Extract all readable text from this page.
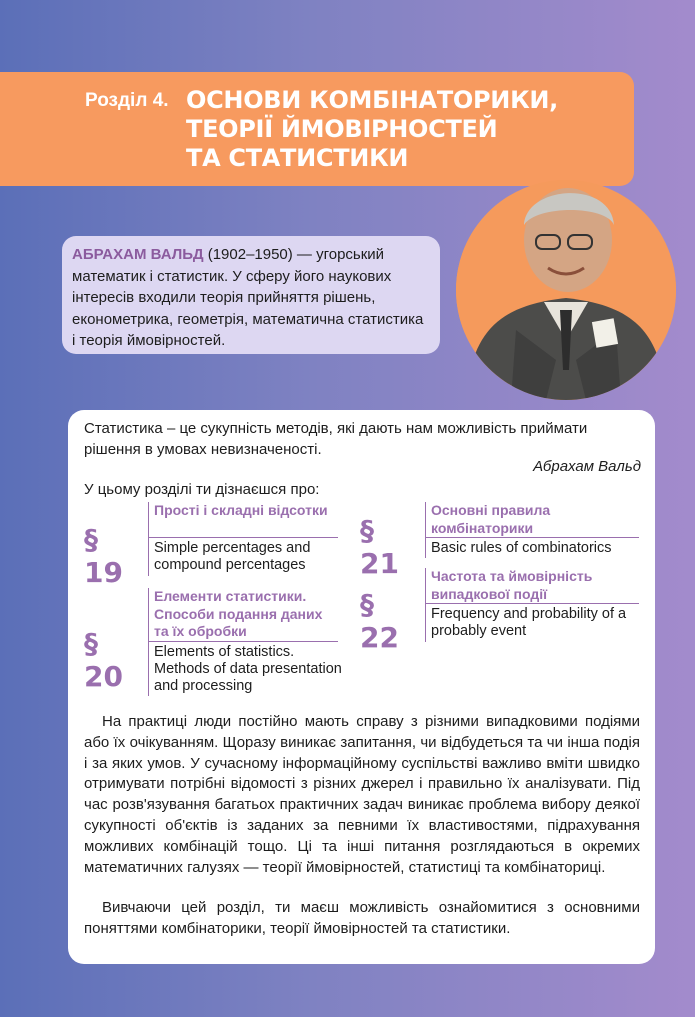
Розділ 4. ОСНОВИ КОМБІНАТОРИКИ,
ТЕОРІЇ ЙМОВІРНОСТЕЙ
ТА СТАТИСТИКИ
АБРАХАМ ВАЛЬД (1902–1950) — угорський математик і статистик. У сферу його наукових інтересів входили теорія прийняття рішень, економетрика, геометрія, математична статистика і теорія ймовірностей.
Статистика – це сукупність методів, які дають нам можливість приймати рішення в умовах невизначеності.
Абрахам Вальд
У цьому розділі ти дізнаєшся про:
§ 19
Прості і складні відсотки
Simple percentages and compound percentages
§ 20
Елементи статистики. Способи подання даних та їх обробки
Elements of statistics. Methods of data presentation and processing
§ 21
Основні правила комбінаторики
Basic rules of combinatorics
§ 22
Частота та ймовірність випадкової події
Frequency and probability of a probably event
На практиці люди постійно мають справу з різними випадковими подіями або їх очікуванням. Щоразу виникає запитання, чи відбудеться та чи інша подія і за яких умов. У сучасному інформаційному суспільстві важливо вміти швидко отримувати потрібні відомості з різних джерел і правильно їх аналізувати. Під час розв'язування багатьох практичних задач виникає проблема вибору деякої сукупності об'єктів із заданих за певними їх властивостями, підрахування можливих комбінацій тощо. Ці та інші питання розглядаються в окремих математичних галузях — теорії ймовірностей, статистиці та комбінаториці.
Вивчаючи цей розділ, ти маєш можливість ознайомитися з основними поняттями комбінаторики, теорії ймовірностей та статистики.
